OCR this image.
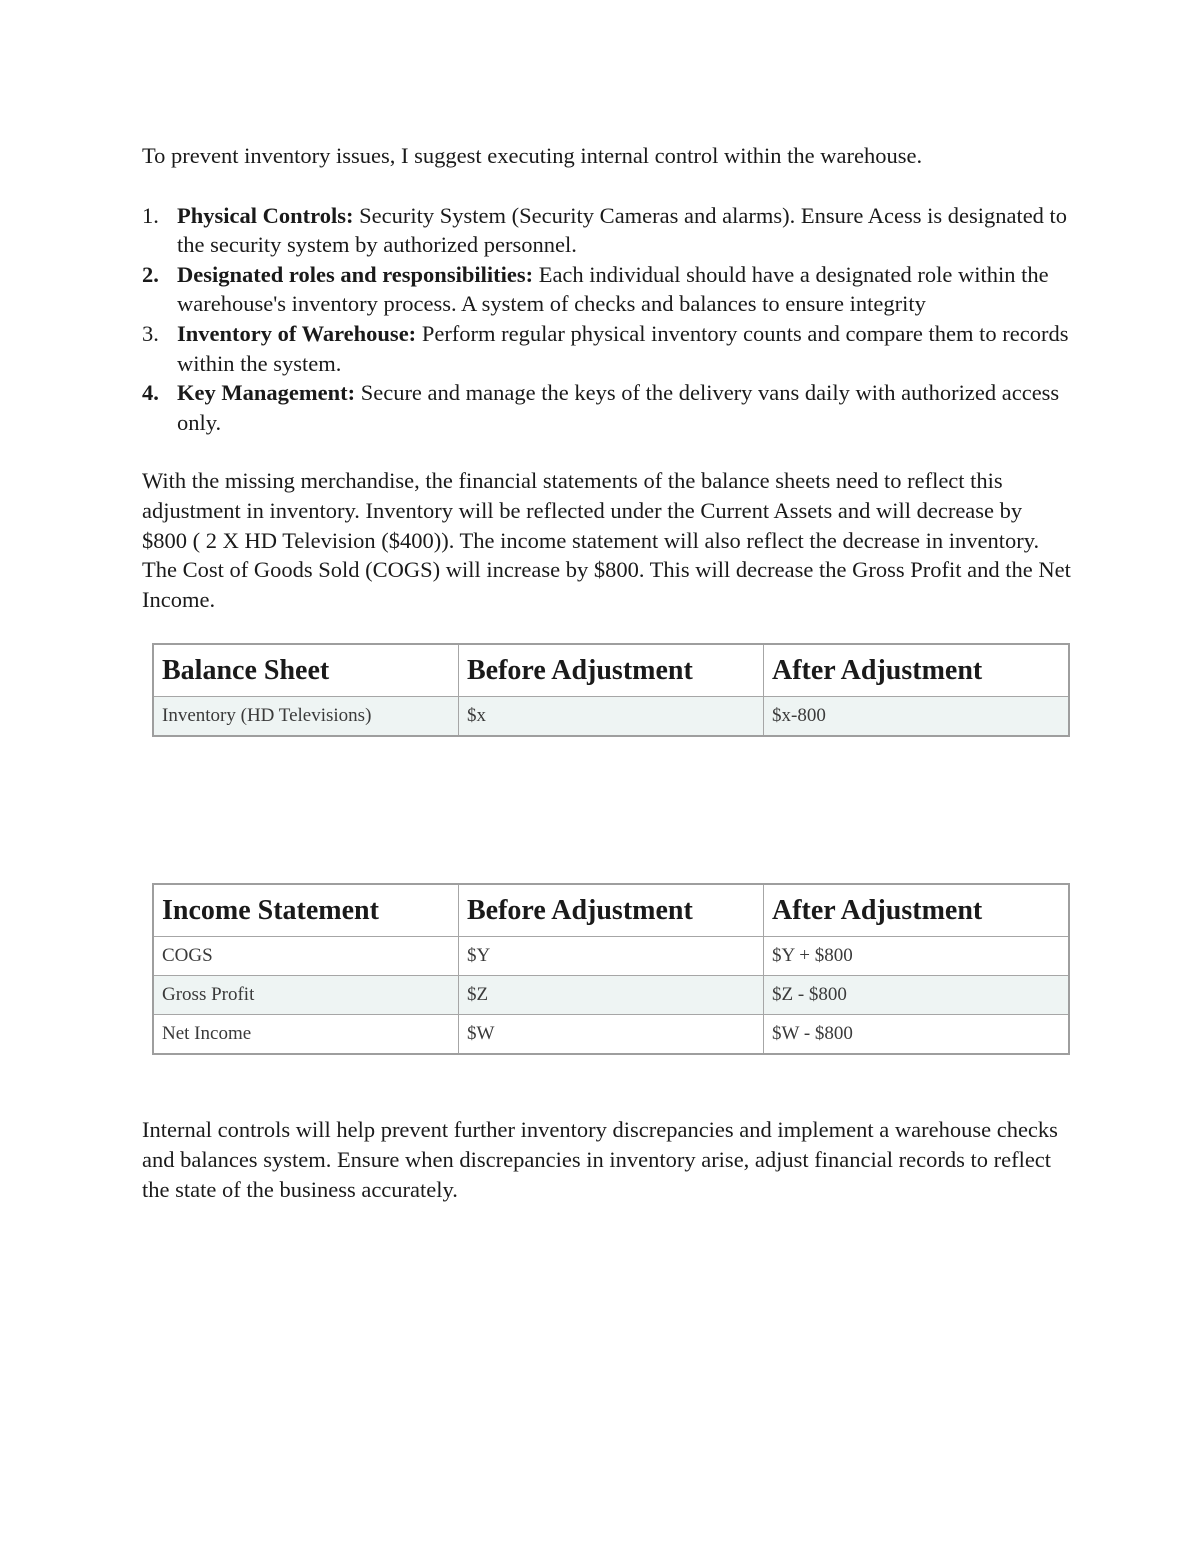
To prevent inventory issues, I suggest executing internal control within the warehouse.

1. Physical Controls: Security System (Security Cameras and alarms). Ensure Acess is designated to the security system by authorized personnel.
2. Designated roles and responsibilities: Each individual should have a designated role within the warehouse's inventory process. A system of checks and balances to ensure integrity
3. Inventory of Warehouse: Perform regular physical inventory counts and compare them to records within the system.
4. Key Management: Secure and manage the keys of the delivery vans daily with authorized access only.

With the missing merchandise, the financial statements of the balance sheets need to reflect this adjustment in inventory. Inventory will be reflected under the Current Assets and will decrease by $800 ( 2 X HD Television ($400)). The income statement will also reflect the decrease in inventory. The Cost of Goods Sold (COGS) will increase by $800. This will decrease the Gross Profit and the Net Income.

Balance Sheet	Before Adjustment	After Adjustment
Inventory (HD Televisions)	$x	$x-800
Income Statement	Before Adjustment	After Adjustment
COGS	$Y	$Y + $800
Gross Profit	$Z	$Z - $800
Net Income	$W	$W - $800

Internal controls will help prevent further inventory discrepancies and implement a warehouse checks and balances system. Ensure when discrepancies in inventory arise, adjust financial records to reflect the state of the business accurately.
